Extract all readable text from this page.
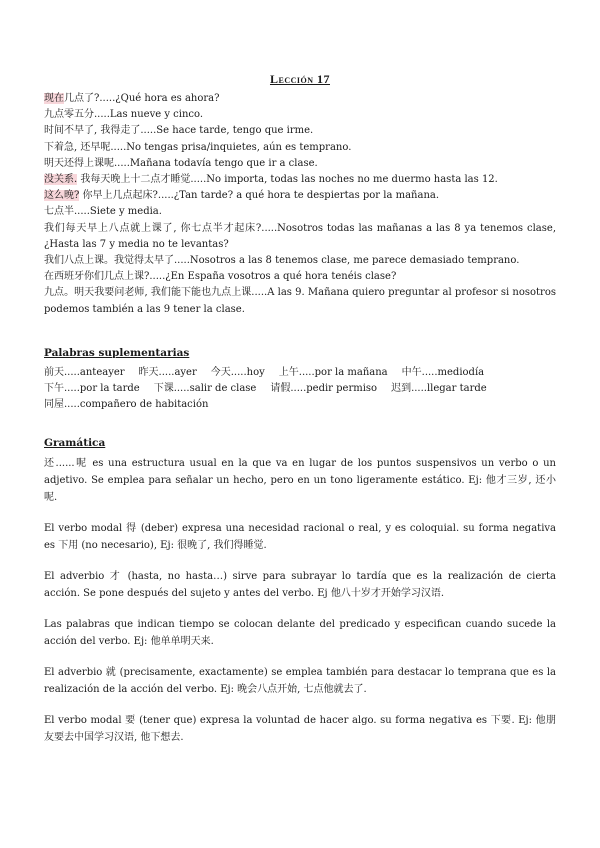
Lección 17
现在几点了?.....¿Qué hora es ahora?
九点零五分.....Las nueve y cinco.
时间不早了, 我得走了.....Se hace tarde, tengo que irme.
下着急, 还早呢.....No tengas prisa/inquietes, aún es temprano.
明天还得上课呢.....Mañana todavía tengo que ir a clase.
没关系. 我每天晚上十二点才睡觉.....No importa, todas las noches no me duermo hasta las 12.
这么晚? 你早上几点起床?.....¿Tan tarde? a qué hora te despiertas por la mañana.
七点半.....Siete y media.
我们每天早上八点就上课了, 你七点半才起床?.....Nosotros todas las mañanas a las 8 ya tenemos clase, ¿Hasta las 7 y media no te levantas?
我们八点上课。我觉得太早了.....Nosotros a las 8 tenemos clase, me parece demasiado temprano.
在西班牙你们几点上课?.....¿En España vosotros a qué hora tenéis clase?
九点。明天我要问老师, 我们能下能也九点上课.....A las 9. Mañana quiero preguntar al profesor si nosotros podemos también a las 9 tener la clase.
Palabras suplementarias
前天.....anteayer 昨天.....ayer 今天.....hoy 上午.....por la mañana 中午.....mediodía
下午.....por la tarde 下课.....salir de clase 请假.....pedir permiso 迟到.....llegar tarde
同屋.....compañero de habitación
Gramática
还......呢 es una estructura usual en la que va en lugar de los puntos suspensivos un verbo o un adjetivo. Se emplea para señalar un hecho, pero en un tono ligeramente estático. Ej: 他才三岁, 还小呢.
El verbo modal 得 (deber) expresa una necesidad racional o real, y es coloquial. su forma negativa es 下用 (no necesario), Ej: 很晚了, 我们得睡觉.
El adverbio 才 (hasta, no hasta…) sirve para subrayar lo tardía que es la realización de cierta acción. Se pone después del sujeto y antes del verbo. Ej 他八十岁才开始学习汉语.
Las palabras que indican tiempo se colocan delante del predicado y especifican cuando sucede la acción del verbo. Ej: 他单单明天来.
El adverbio 就 (precisamente, exactamente) se emplea también para destacar lo temprana que es la realización de la acción del verbo. Ej: 晚会八点开始, 七点他就去了.
El verbo modal 要 (tener que) expresa la voluntad de hacer algo. su forma negativa es 下要. Ej: 他朋友要去中国学习汉语, 他下想去.
